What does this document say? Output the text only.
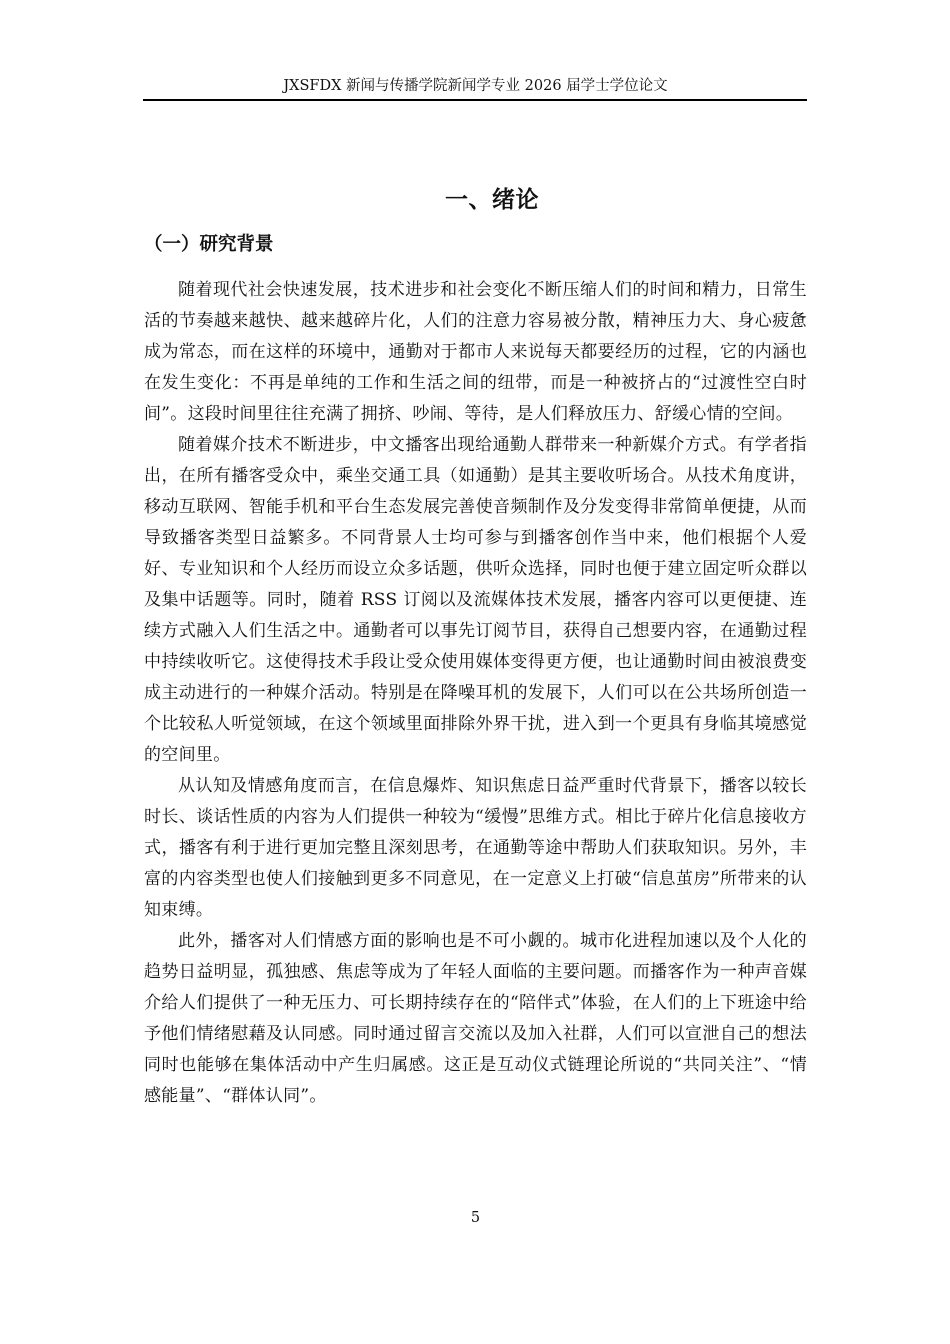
JXSFDX 新闻与传播学院新闻学专业 2026 届学士学位论文
一、绪论
（一）研究背景

随着现代社会快速发展，技术进步和社会变化不断压缩人们的时间和精力，日常生活的节奏越来越快、越来越碎片化，人们的注意力容易被分散，精神压力大、身心疲惫成为常态，而在这样的环境中，通勤对于都市人来说每天都要经历的过程，它的内涵也在发生变化：不再是单纯的工作和生活之间的纽带，而是一种被挤占的“过渡性空白时间”。这段时间里往往充满了拥挤、吵闹、等待，是人们释放压力、舒缓心情的空间。

随着媒介技术不断进步，中文播客出现给通勤人群带来一种新媒介方式。有学者指出，在所有播客受众中，乘坐交通工具（如通勤）是其主要收听场合。从技术角度讲，移动互联网、智能手机和平台生态发展完善使音频制作及分发变得非常简单便捷，从而导致播客类型日益繁多。不同背景人士均可参与到播客创作当中来，他们根据个人爱好、专业知识和个人经历而设立众多话题，供听众选择，同时也便于建立固定听众群以及集中话题等。同时，随着 RSS 订阅以及流媒体技术发展，播客内容可以更便捷、连续方式融入人们生活之中。通勤者可以事先订阅节目，获得自己想要内容，在通勤过程中持续收听它。这使得技术手段让受众使用媒体变得更方便，也让通勤时间由被浪费变成主动进行的一种媒介活动。特别是在降噪耳机的发展下，人们可以在公共场所创造一个比较私人听觉领域，在这个领域里面排除外界干扰，进入到一个更具有身临其境感觉的空间里。

从认知及情感角度而言，在信息爆炸、知识焦虑日益严重时代背景下，播客以较长时长、谈话性质的内容为人们提供一种较为“缓慢”思维方式。相比于碎片化信息接收方式，播客有利于进行更加完整且深刻思考，在通勤等途中帮助人们获取知识。另外，丰富的内容类型也使人们接触到更多不同意见，在一定意义上打破“信息茧房”所带来的认知束缚。

此外，播客对人们情感方面的影响也是不可小觑的。城市化进程加速以及个人化的趋势日益明显，孤独感、焦虑等成为了年轻人面临的主要问题。而播客作为一种声音媒介给人们提供了一种无压力、可长期持续存在的“陪伴式”体验，在人们的上下班途中给予他们情绪慰藉及认同感。同时通过留言交流以及加入社群，人们可以宣泄自己的想法同时也能够在集体活动中产生归属感。这正是互动仪式链理论所说的“共同关注”、“情感能量”、“群体认同”。

5
